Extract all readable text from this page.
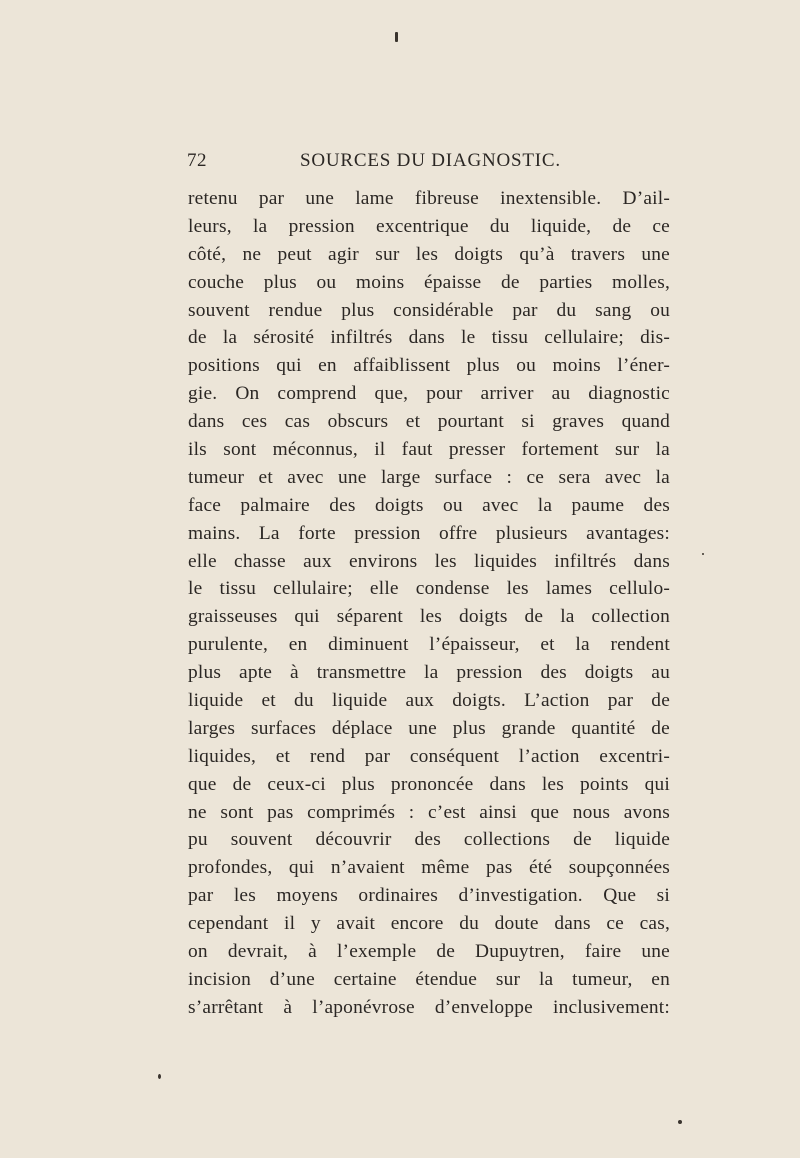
72	SOURCES DU DIAGNOSTIC.
retenu par une lame fibreuse inextensible. D’ail-
leurs, la pression excentrique du liquide, de ce
côté, ne peut agir sur les doigts qu’à travers une
couche plus ou moins épaisse de parties molles,
souvent rendue plus considérable par du sang ou
de la sérosité infiltrés dans le tissu cellulaire; dis-
positions qui en affaiblissent plus ou moins l’éner-
gie. On comprend que, pour arriver au diagnostic
dans ces cas obscurs et pourtant si graves quand
ils sont méconnus, il faut presser fortement sur la
tumeur et avec une large surface : ce sera avec la
face palmaire des doigts ou avec la paume des
mains. La forte pression offre plusieurs avantages:
elle chasse aux environs les liquides infiltrés dans
le tissu cellulaire; elle condense les lames cellulo-
graisseuses qui séparent les doigts de la collection
purulente, en diminuent l’épaisseur, et la rendent
plus apte à transmettre la pression des doigts au
liquide et du liquide aux doigts. L’action par de
larges surfaces déplace une plus grande quantité de
liquides, et rend par conséquent l’action excentri-
que de ceux-ci plus prononcée dans les points qui
ne sont pas comprimés : c’est ainsi que nous avons
pu souvent découvrir des collections de liquide
profondes, qui n’avaient même pas été soupçonnées
par les moyens ordinaires d’investigation. Que si
cependant il y avait encore du doute dans ce cas,
on devrait, à l’exemple de Dupuytren, faire une
incision d’une certaine étendue sur la tumeur, en
s’arrêtant à l’aponévrose d’enveloppe inclusivement:
